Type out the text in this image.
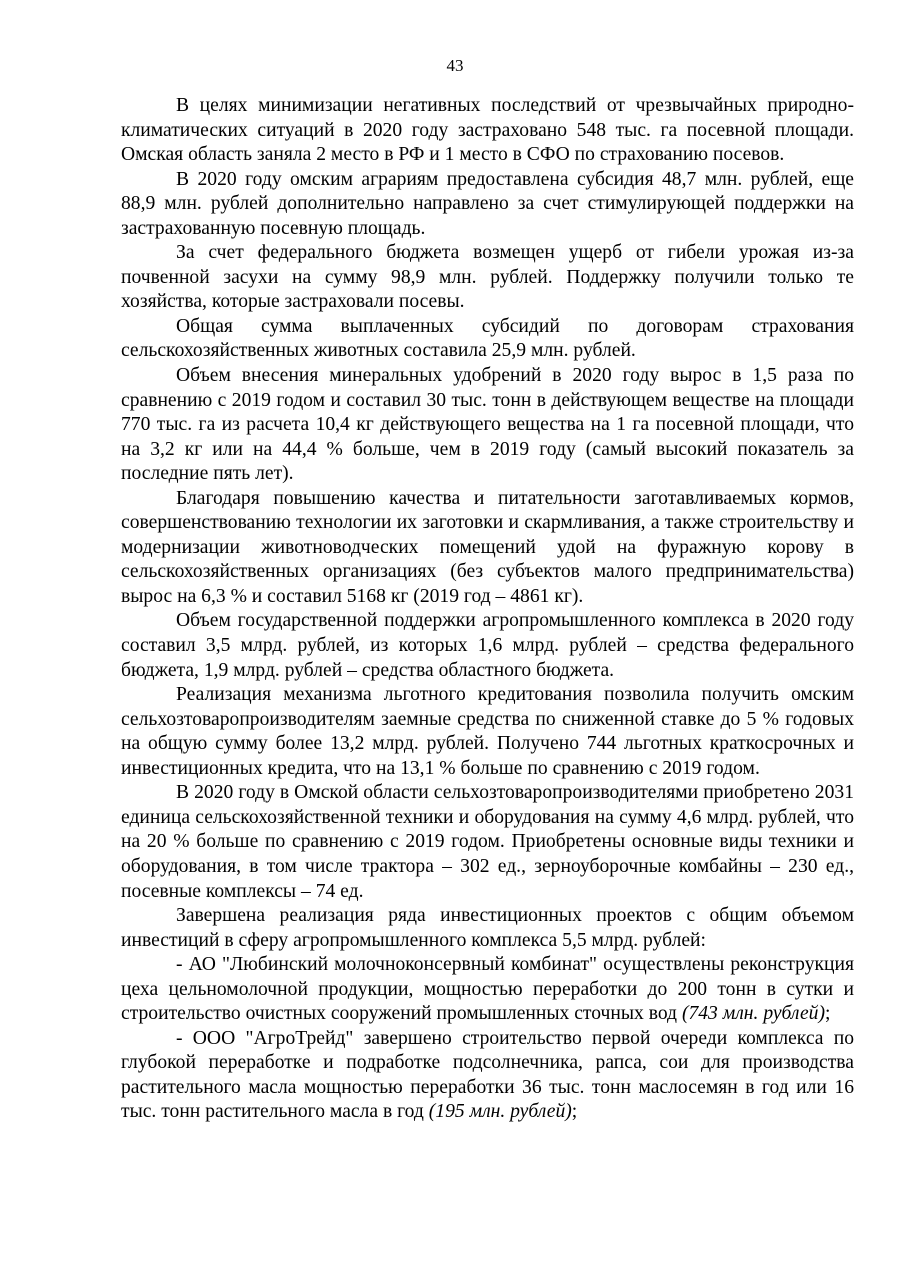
43

В целях минимизации негативных последствий от чрезвычайных природно-климатических ситуаций в 2020 году застраховано 548 тыс. га посевной площади. Омская область заняла 2 место в РФ и 1 место в СФО по страхованию посевов.

В 2020 году омским аграриям предоставлена субсидия 48,7 млн. рублей, еще 88,9 млн. рублей дополнительно направлено за счет стимулирующей поддержки на застрахованную посевную площадь.

За счет федерального бюджета возмещен ущерб от гибели урожая из-за почвенной засухи на сумму 98,9 млн. рублей. Поддержку получили только те хозяйства, которые застраховали посевы.

Общая сумма выплаченных субсидий по договорам страхования сельскохозяйственных животных составила 25,9 млн. рублей.

Объем внесения минеральных удобрений в 2020 году вырос в 1,5 раза по сравнению с 2019 годом и составил 30 тыс. тонн в действующем веществе на площади 770 тыс. га из расчета 10,4 кг действующего вещества на 1 га посевной площади, что на 3,2 кг или на 44,4 % больше, чем в 2019 году (самый высокий показатель за последние пять лет).

Благодаря повышению качества и питательности заготавливаемых кормов, совершенствованию технологии их заготовки и скармливания, а также строительству и модернизации животноводческих помещений удой на фуражную корову в сельскохозяйственных организациях (без субъектов малого предпринимательства) вырос на 6,3 % и составил 5168 кг (2019 год – 4861 кг).

Объем государственной поддержки агропромышленного комплекса в 2020 году составил 3,5 млрд. рублей, из которых 1,6 млрд. рублей – средства федерального бюджета, 1,9 млрд. рублей – средства областного бюджета.

Реализация механизма льготного кредитования позволила получить омским сельхозтоваропроизводителям заемные средства по сниженной ставке до 5 % годовых на общую сумму более 13,2 млрд. рублей. Получено 744 льготных краткосрочных и инвестиционных кредита, что на 13,1 % больше по сравнению с 2019 годом.

В 2020 году в Омской области сельхозтоваропроизводителями приобретено 2031 единица сельскохозяйственной техники и оборудования на сумму 4,6 млрд. рублей, что на 20 % больше по сравнению с 2019 годом. Приобретены основные виды техники и оборудования, в том числе трактора – 302 ед., зерноуборочные комбайны – 230 ед., посевные комплексы – 74 ед.

Завершена реализация ряда инвестиционных проектов с общим объемом инвестиций в сферу агропромышленного комплекса 5,5 млрд. рублей:

- АО "Любинский молочноконсервный комбинат" осуществлены реконструкция цеха цельномолочной продукции, мощностью переработки до 200 тонн в сутки и строительство очистных сооружений промышленных сточных вод (743 млн. рублей);

- ООО "АгроТрейд" завершено строительство первой очереди комплекса по глубокой переработке и подработке подсолнечника, рапса, сои для производства растительного масла мощностью переработки 36 тыс. тонн маслосемян в год или 16 тыс. тонн растительного масла в год (195 млн. рублей);
